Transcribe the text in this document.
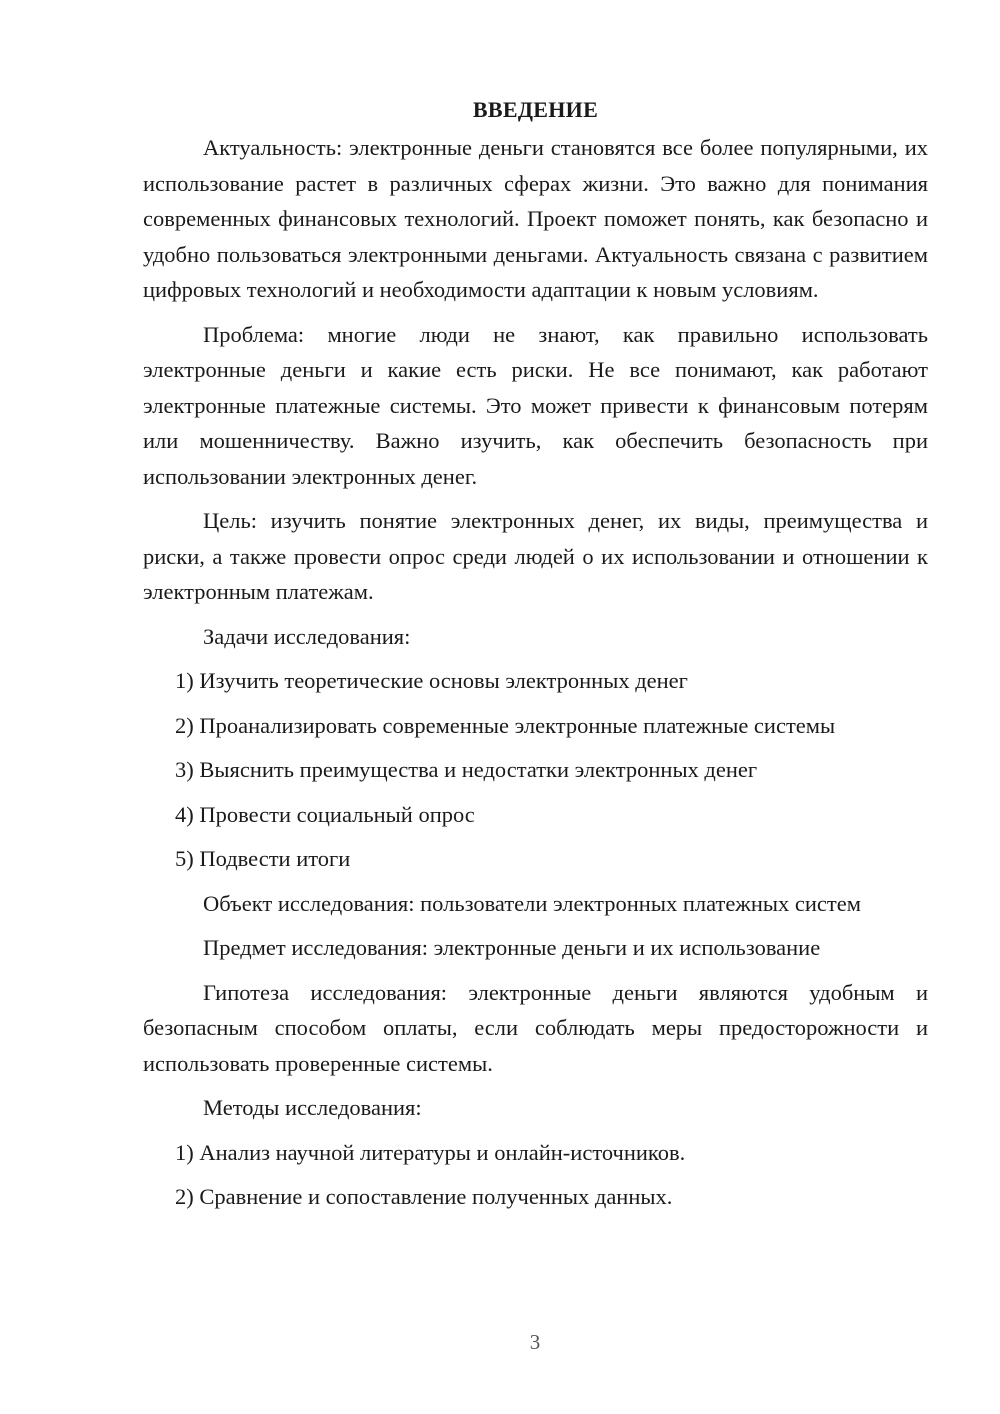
ВВЕДЕНИЕ

Актуальность: электронные деньги становятся все более популярными, их использование растет в различных сферах жизни. Это важно для понимания современных финансовых технологий. Проект поможет понять, как безопасно и удобно пользоваться электронными деньгами. Актуальность связана с развитием цифровых технологий и необходимости адаптации к новым условиям.

Проблема: многие люди не знают, как правильно использовать электронные деньги и какие есть риски. Не все понимают, как работают электронные платежные системы. Это может привести к финансовым потерям или мошенничеству. Важно изучить, как обеспечить безопасность при использовании электронных денег.

Цель: изучить понятие электронных денег, их виды, преимущества и риски, а также провести опрос среди людей о их использовании и отношении к электронным платежам.

Задачи исследования:
1) Изучить теоретические основы электронных денег
2) Проанализировать современные электронные платежные системы
3) Выяснить преимущества и недостатки электронных денег
4) Провести социальный опрос
5) Подвести итоги

Объект исследования: пользователи электронных платежных систем

Предмет исследования: электронные деньги и их использование

Гипотеза исследования: электронные деньги являются удобным и безопасным способом оплаты, если соблюдать меры предосторожности и использовать проверенные системы.

Методы исследования:
1) Анализ научной литературы и онлайн-источников.
2) Сравнение и сопоставление полученных данных.
3
